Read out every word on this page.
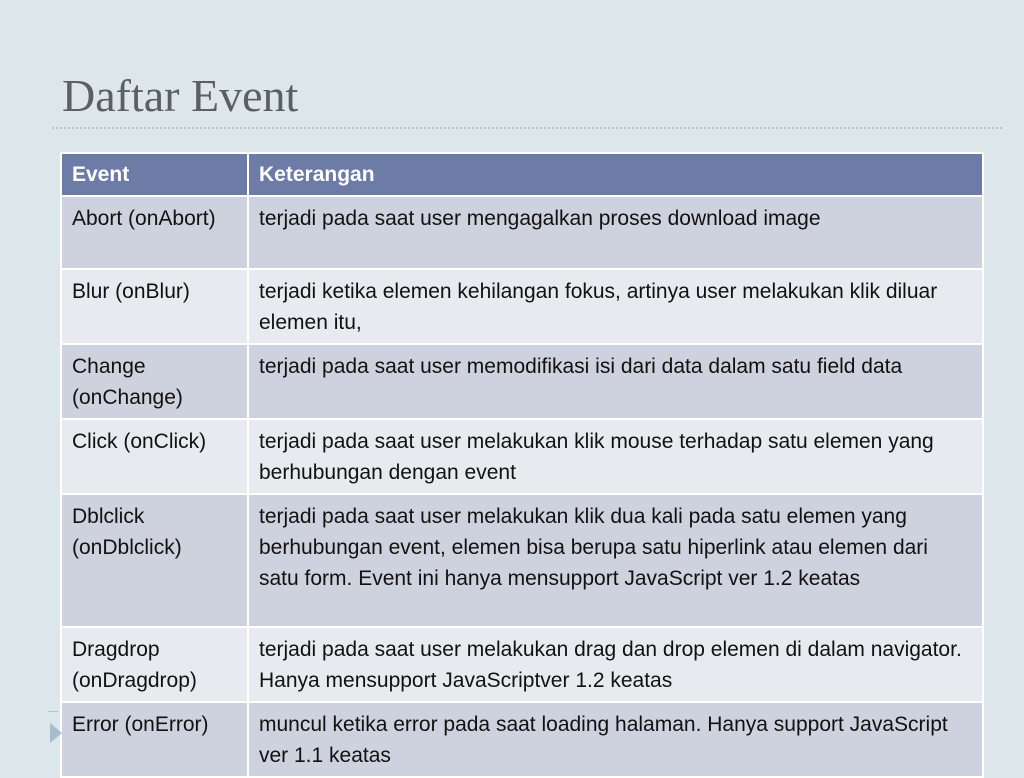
Daftar Event
Event	Keterangan
Abort (onAbort)	terjadi pada saat user mengagalkan proses download image
Blur (onBlur)	terjadi ketika elemen kehilangan fokus, artinya user melakukan klik diluar elemen itu,
Change (onChange)	terjadi pada saat user memodifikasi isi dari data dalam satu field data
Click (onClick)	terjadi pada saat user melakukan klik mouse terhadap satu elemen yang berhubungan dengan event
Dblclick (onDblclick)	terjadi pada saat user melakukan klik dua kali pada satu elemen yang berhubungan event, elemen bisa berupa satu hiperlink atau elemen dari satu form. Event ini hanya mensupport JavaScript ver 1.2 keatas
Dragdrop (onDragdrop)	terjadi pada saat user melakukan drag dan drop elemen di dalam navigator. Hanya mensupport JavaScriptver 1.2 keatas
Error (onError)	muncul ketika error pada saat loading halaman. Hanya support JavaScript ver 1.1 keatas
